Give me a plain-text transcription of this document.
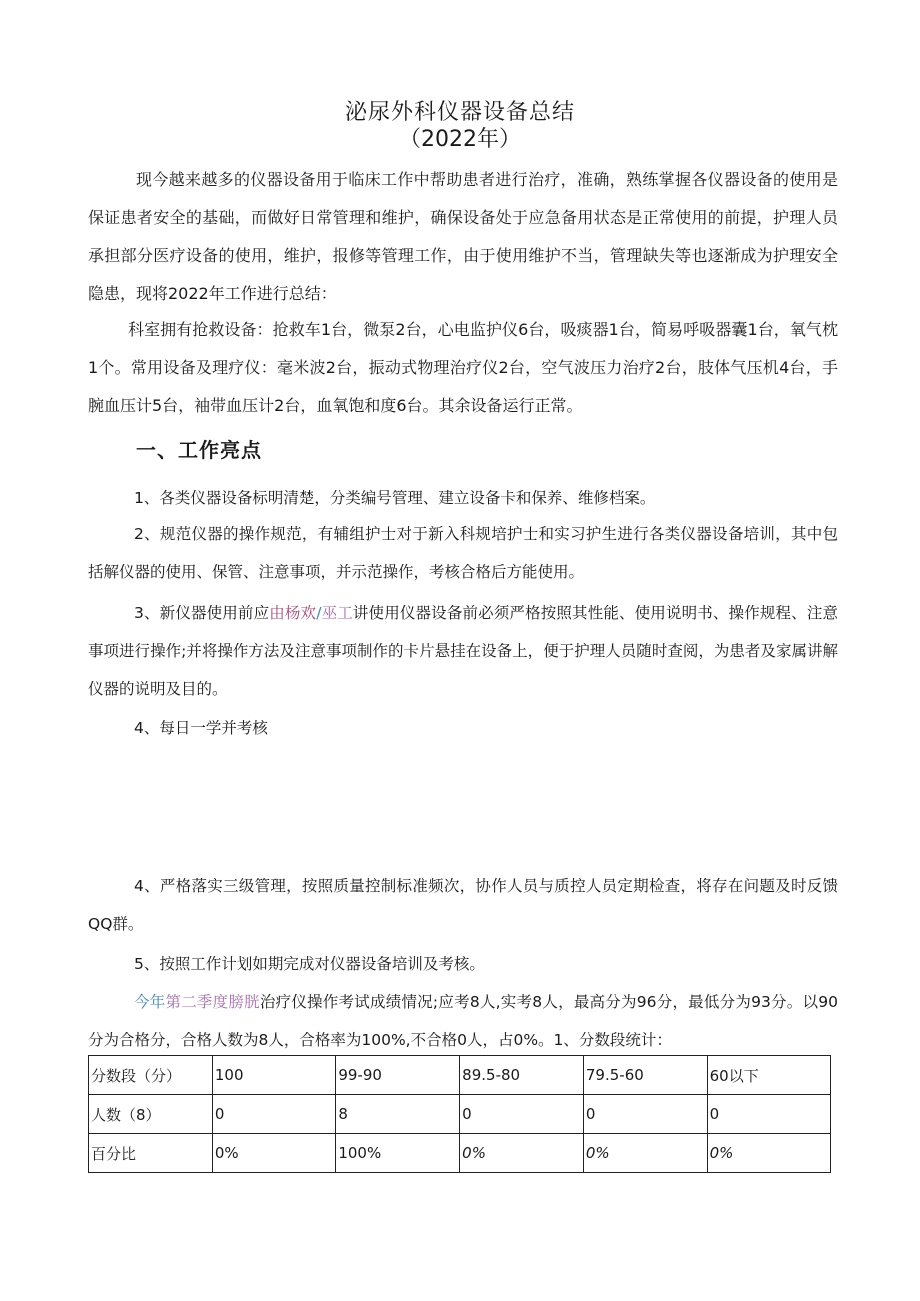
泌尿外科仪器设备总结
（2022年）
现今越来越多的仪器设备用于临床工作中帮助患者进行治疗，准确，熟练掌握各仪器设备的使用是保证患者安全的基础，而做好日常管理和维护，确保设备处于应急备用状态是正常使用的前提，护理人员承担部分医疗设备的使用，维护，报修等管理工作，由于使用维护不当，管理缺失等也逐渐成为护理安全隐患，现将2022年工作进行总结：
科室拥有抢救设备：抢救车1台，微泵2台，心电监护仪6台，吸痰器1台，简易呼吸器囊1台，氧气枕1个。常用设备及理疗仪：毫米波2台，振动式物理治疗仪2台，空气波压力治疗2台，肢体气压机4台，手腕血压计5台，袖带血压计2台，血氧饱和度6台。其余设备运行正常。
一、工作亮点
1、各类仪器设备标明清楚，分类编号管理、建立设备卡和保养、维修档案。
2、规范仪器的操作规范，有辅组护士对于新入科规培护士和实习护生进行各类仪器设备培训，其中包括解仪器的使用、保管、注意事项，并示范操作，考核合格后方能使用。
3、新仪器使用前应由杨欢/巫工讲使用仪器设备前必须严格按照其性能、使用说明书、操作规程、注意事项进行操作;并将操作方法及注意事项制作的卡片悬挂在设备上，便于护理人员随时查阅，为患者及家属讲解仪器的说明及目的。
4、每日一学并考核
4、严格落实三级管理，按照质量控制标准频次，协作人员与质控人员定期检查，将存在问题及时反馈QQ群。
5、按照工作计划如期完成对仪器设备培训及考核。
今年第二季度膀胱治疗仪操作考试成绩情况;应考8人,实考8人，最高分为96分，最低分为93分。以90分为合格分，合格人数为8人，合格率为100%,不合格0人，占0%。1、分数段统计：
分数段（分）	100	99-90	89.5-80	79.5-60	60以下
人数（8）	0	8	0	0	0
百分比	0%	100%	0%	0%	0%
